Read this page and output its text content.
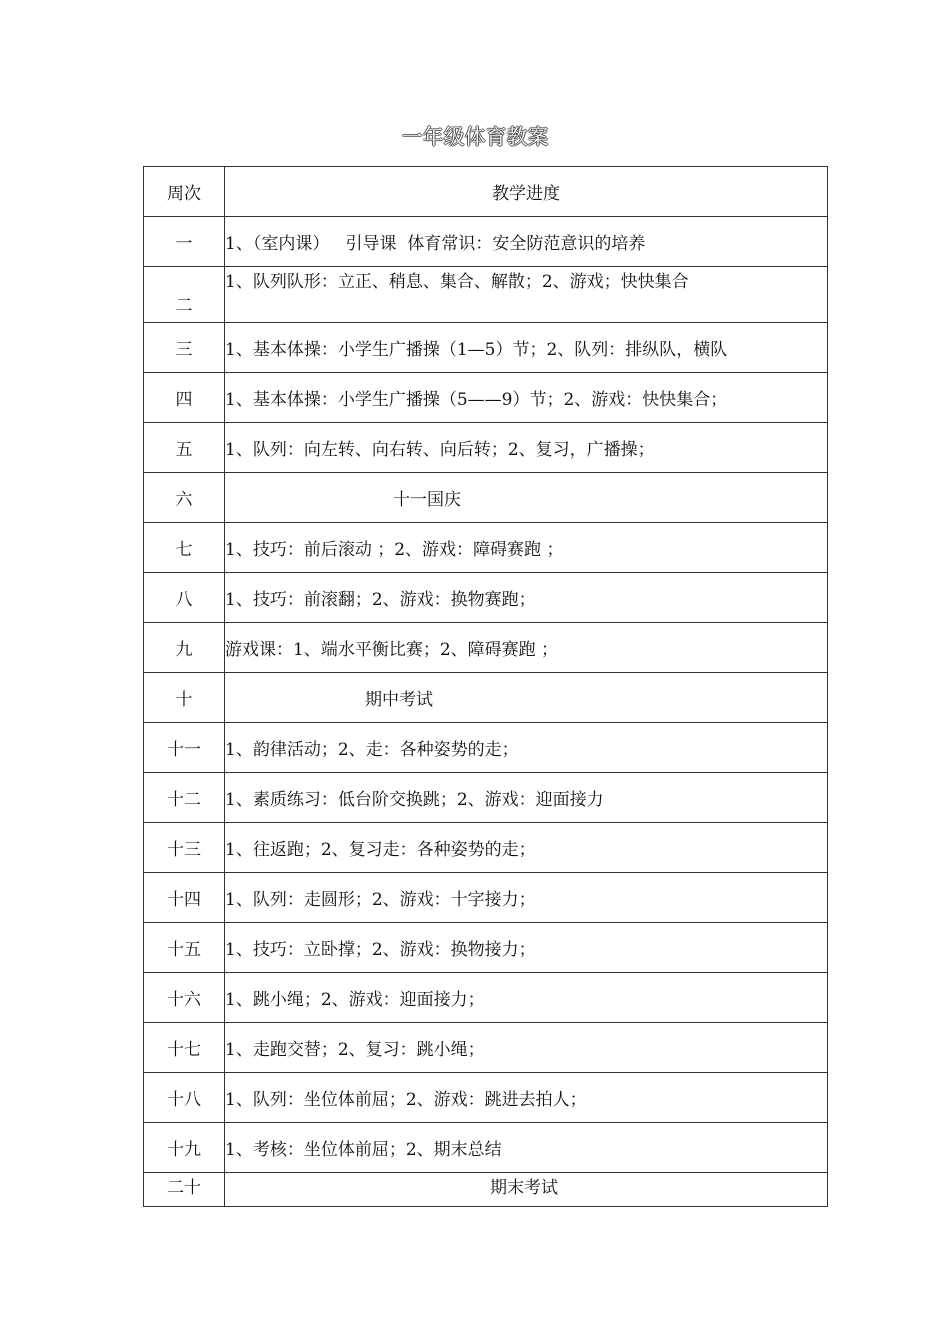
一年级体育教案
周次	教学进度
一	1、（室内课）   引导课  体育常识：安全防范意识的培养
二	1、队列队形：立正、稍息、集合、解散；2、游戏；快快集合
三	1、基本体操：小学生广播操（1—5）节；2、队列：排纵队，横队
四	1、基本体操：小学生广播操（5——9）节；2、游戏：快快集合；
五	1、队列：向左转、向右转、向后转；2、复习，广播操；
六	十一国庆
七	1、技巧：前后滚动 ；2、游戏：障碍赛跑 ；
八	1、技巧：前滚翻；2、游戏：换物赛跑；
九	游戏课：1、端水平衡比赛；2、障碍赛跑 ；
十	期中考试
十一	1、韵律活动；2、走：各种姿势的走；
十二	1、素质练习：低台阶交换跳；2、游戏：迎面接力
十三	1、往返跑；2、复习走：各种姿势的走；
十四	1、队列：走圆形；2、游戏：十字接力；
十五	1、技巧：立卧撑；2、游戏：换物接力；
十六	1、跳小绳；2、游戏：迎面接力；
十七	1、走跑交替；2、复习：跳小绳；
十八	1、队列：坐位体前屈；2、游戏：跳进去拍人；
十九	1、考核：坐位体前屈；2、期末总结
二十	期末考试
